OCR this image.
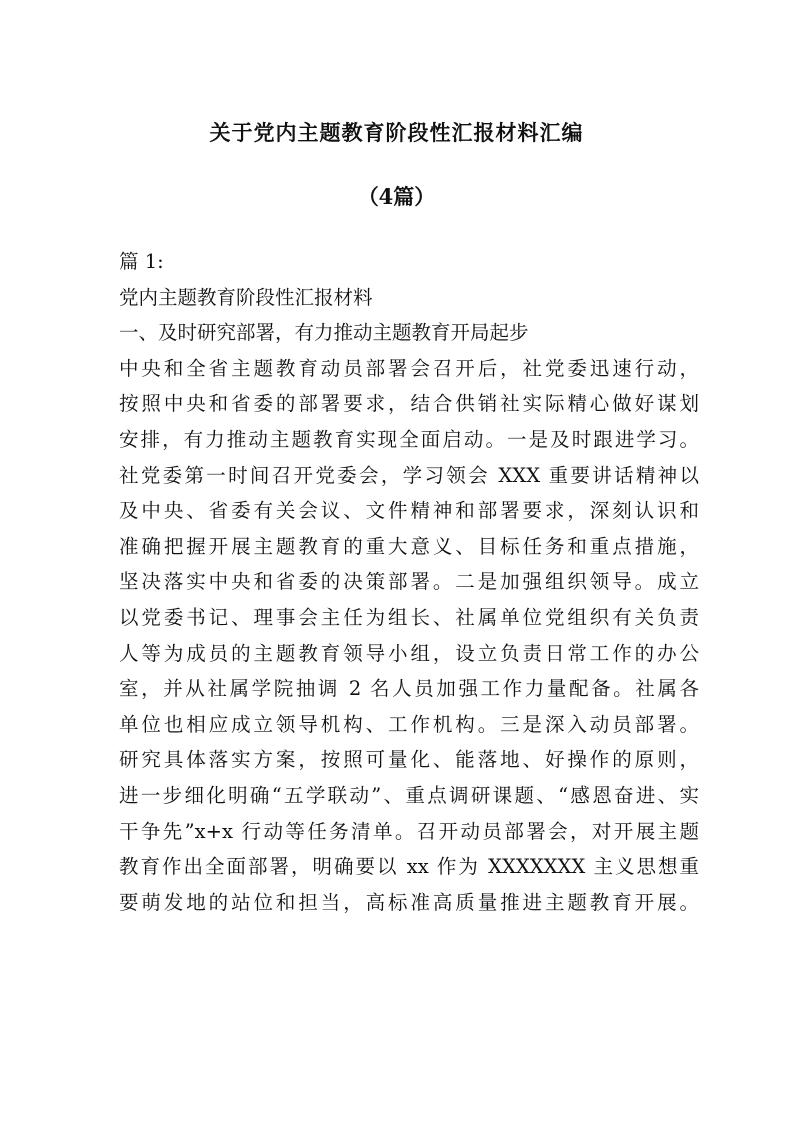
关于党内主题教育阶段性汇报材料汇编
（4篇）
篇 1:
党内主题教育阶段性汇报材料
一、及时研究部署，有力推动主题教育开局起步
中央和全省主题教育动员部署会召开后，社党委迅速行动，
按照中央和省委的部署要求，结合供销社实际精心做好谋划
安排，有力推动主题教育实现全面启动。一是及时跟进学习。
社党委第一时间召开党委会，学习领会 XXX 重要讲话精神以
及中央、省委有关会议、文件精神和部署要求，深刻认识和
准确把握开展主题教育的重大意义、目标任务和重点措施，
坚决落实中央和省委的决策部署。二是加强组织领导。成立
以党委书记、理事会主任为组长、社属单位党组织有关负责
人等为成员的主题教育领导小组，设立负责日常工作的办公
室，并从社属学院抽调 2 名人员加强工作力量配备。社属各
单位也相应成立领导机构、工作机构。三是深入动员部署。
研究具体落实方案，按照可量化、能落地、好操作的原则，
进一步细化明确“五学联动”、重点调研课题、“感恩奋进、实
干争先”x+x 行动等任务清单。召开动员部署会，对开展主题
教育作出全面部署，明确要以 xx 作为 XXXXXXX 主义思想重
要萌发地的站位和担当，高标准高质量推进主题教育开展。
